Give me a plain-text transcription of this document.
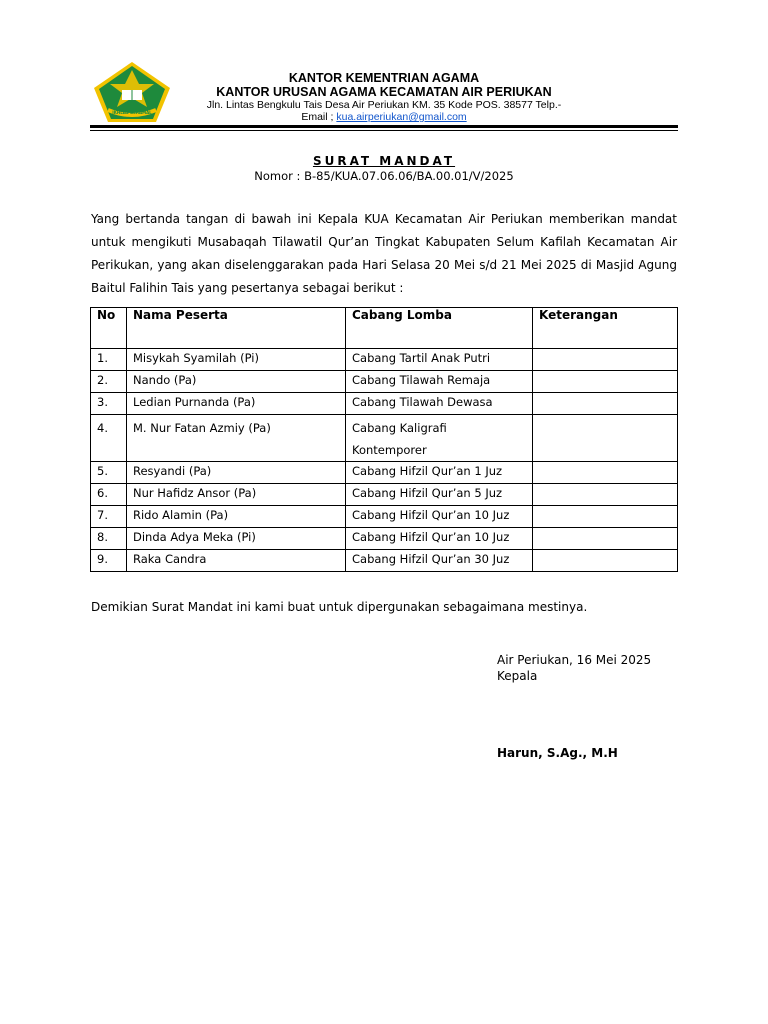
IKHLAS BERAMAL
KANTOR KEMENTRIAN AGAMA
KANTOR URUSAN AGAMA KECAMATAN AIR PERIUKAN
Jln. Lintas Bengkulu Tais Desa Air Periukan KM. 35 Kode POS. 38577 Telp.-
Email ; kua.airperiukan@gmail.com
SURAT MANDAT
Nomor : B-85/KUA.07.06.06/BA.00.01/V/2025
Yang bertanda tangan di bawah ini Kepala KUA Kecamatan Air Periukan memberikan mandat untuk mengikuti Musabaqah Tilawatil Qur’an Tingkat Kabupaten Selum Kafilah Kecamatan Air Perikukan, yang akan diselenggarakan pada Hari Selasa 20 Mei s/d 21 Mei 2025 di Masjid Agung Baitul Falihin Tais yang pesertanya sebagai berikut :
No	Nama Peserta	Cabang Lomba	Keterangan
1.	Misykah Syamilah (Pi)	Cabang Tartil Anak Putri	
2.	Nando (Pa)	Cabang Tilawah Remaja	
3.	Ledian Purnanda (Pa)	Cabang Tilawah Dewasa	
4.	M. Nur Fatan Azmiy (Pa)	Cabang Kaligrafi
Kontemporer	
5.	Resyandi (Pa)	Cabang Hifzil Qur’an 1 Juz	
6.	Nur Hafidz Ansor (Pa)	Cabang Hifzil Qur’an 5 Juz	
7.	Rido Alamin (Pa)	Cabang Hifzil Qur’an 10 Juz	
8.	Dinda Adya Meka (Pi)	Cabang Hifzil Qur’an 10 Juz	
9.	Raka Candra	Cabang Hifzil Qur’an 30 Juz	
Demikian Surat Mandat ini kami buat untuk dipergunakan sebagaimana mestinya.
Air Periukan, 16 Mei 2025
Kepala
Harun, S.Ag., M.H
